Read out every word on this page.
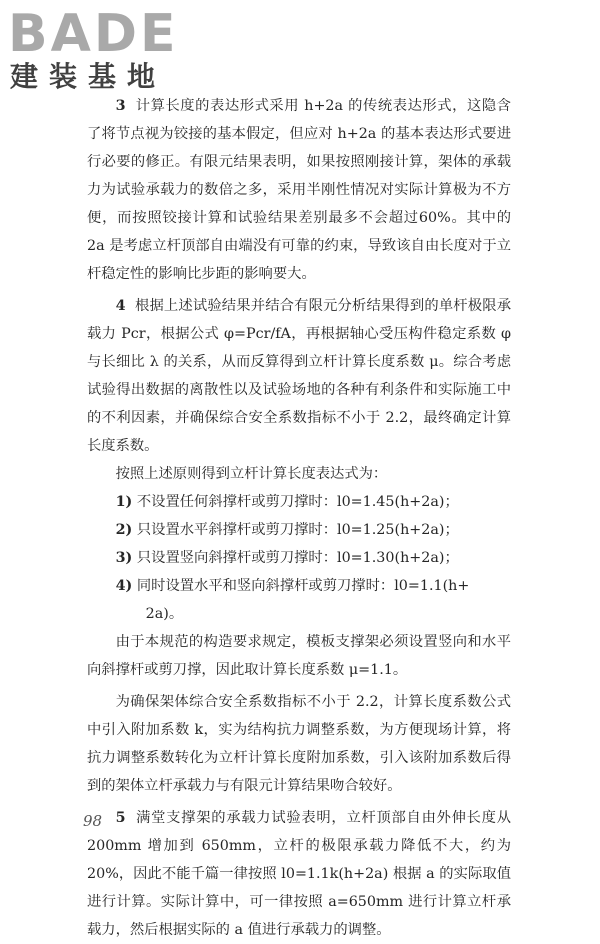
BADE
建装基地

3 计算长度的表达形式采用 h+2a 的传统表达形式，这隐含了将节点视为铰接的基本假定，但应对 h+2a 的基本表达形式要进行必要的修正。有限元结果表明，如果按照刚接计算，架体的承载力为试验承载力的数倍之多，采用半刚性情况对实际计算极为不方便，而按照铰接计算和试验结果差别最多不会超过60%。其中的 2a 是考虑立杆顶部自由端没有可靠的约束，导致该自由长度对于立杆稳定性的影响比步距的影响要大。

4 根据上述试验结果并结合有限元分析结果得到的单杆极限承载力 Pcr，根据公式 φ=Pcr/fA，再根据轴心受压构件稳定系数 φ 与长细比 λ 的关系，从而反算得到立杆计算长度系数 μ。综合考虑试验得出数据的离散性以及试验场地的各种有利条件和实际施工中的不利因素，并确保综合安全系数指标不小于 2.2，最终确定计算长度系数。

按照上述原则得到立杆计算长度表达式为：

1) 不设置任何斜撑杆或剪刀撑时：l0=1.45(h+2a)；

2) 只设置水平斜撑杆或剪刀撑时：l0=1.25(h+2a)；

3) 只设置竖向斜撑杆或剪刀撑时：l0=1.30(h+2a)；

4) 同时设置水平和竖向斜撑杆或剪刀撑时：l0=1.1(h+

2a)。

由于本规范的构造要求规定，模板支撑架必须设置竖向和水平向斜撑杆或剪刀撑，因此取计算长度系数 μ=1.1。

为确保架体综合安全系数指标不小于 2.2，计算长度系数公式中引入附加系数 k，实为结构抗力调整系数，为方便现场计算，将抗力调整系数转化为立杆计算长度附加系数，引入该附加系数后得到的架体立杆承载力与有限元计算结果吻合较好。

5 满堂支撑架的承载力试验表明，立杆顶部自由外伸长度从 200mm 增加到 650mm，立杆的极限承载力降低不大，约为 20%，因此不能千篇一律按照 l0=1.1k(h+2a) 根据 a 的实际取值进行计算。实际计算中，可一律按照 a=650mm 进行计算立杆承载力，然后根据实际的 a 值进行承载力的调整。

98
